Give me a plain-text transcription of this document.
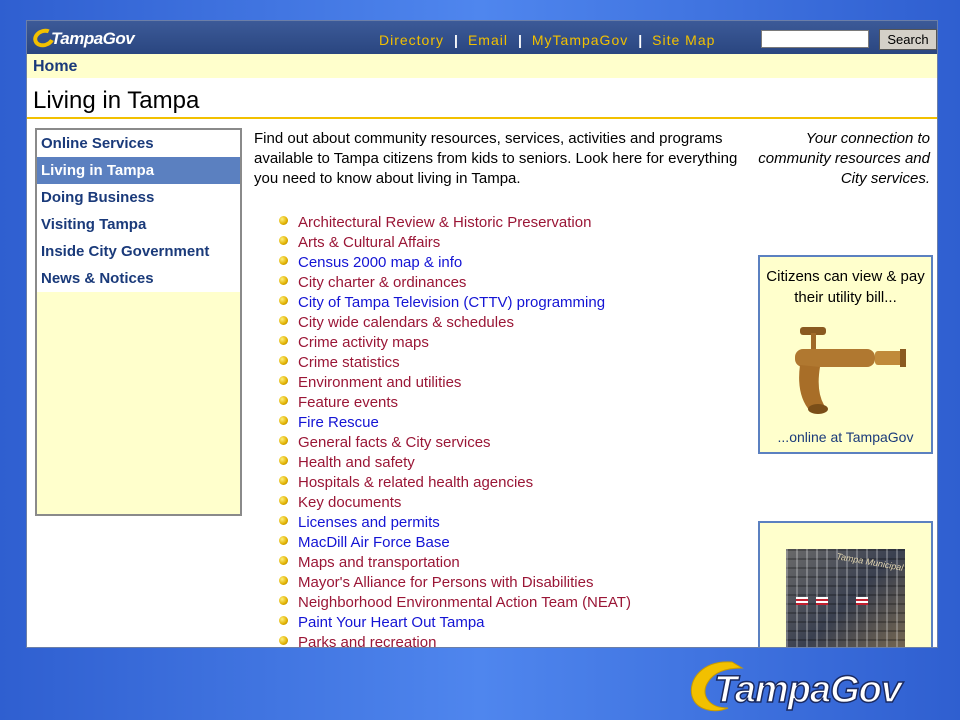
TampaGov	Directory | Email | MyTampaGov | Site Map	Search
Home
Living in Tampa
Online Services
Living in Tampa
Doing Business
Visiting Tampa
Inside City Government
News & Notices
Find out about community resources, services, activities and programs available to Tampa citizens from kids to seniors. Look here for everything you need to know about living in Tampa.
Your connection to community resources and City services.
Architectural Review & Historic Preservation
Arts & Cultural Affairs
Census 2000 map & info
City charter & ordinances
City of Tampa Television (CTTV) programming
City wide calendars & schedules
Crime activity maps
Crime statistics
Environment and utilities
Feature events
Fire Rescue
General facts & City services
Health and safety
Hospitals & related health agencies
Key documents
Licenses and permits
MacDill Air Force Base
Maps and transportation
Mayor's Alliance for Persons with Disabilities
Neighborhood Environmental Action Team (NEAT)
Paint Your Heart Out Tampa
Parks and recreation
Citizens can view & pay their utility bill...
...online at TampaGov
Tampa Municipal
TampaGov
